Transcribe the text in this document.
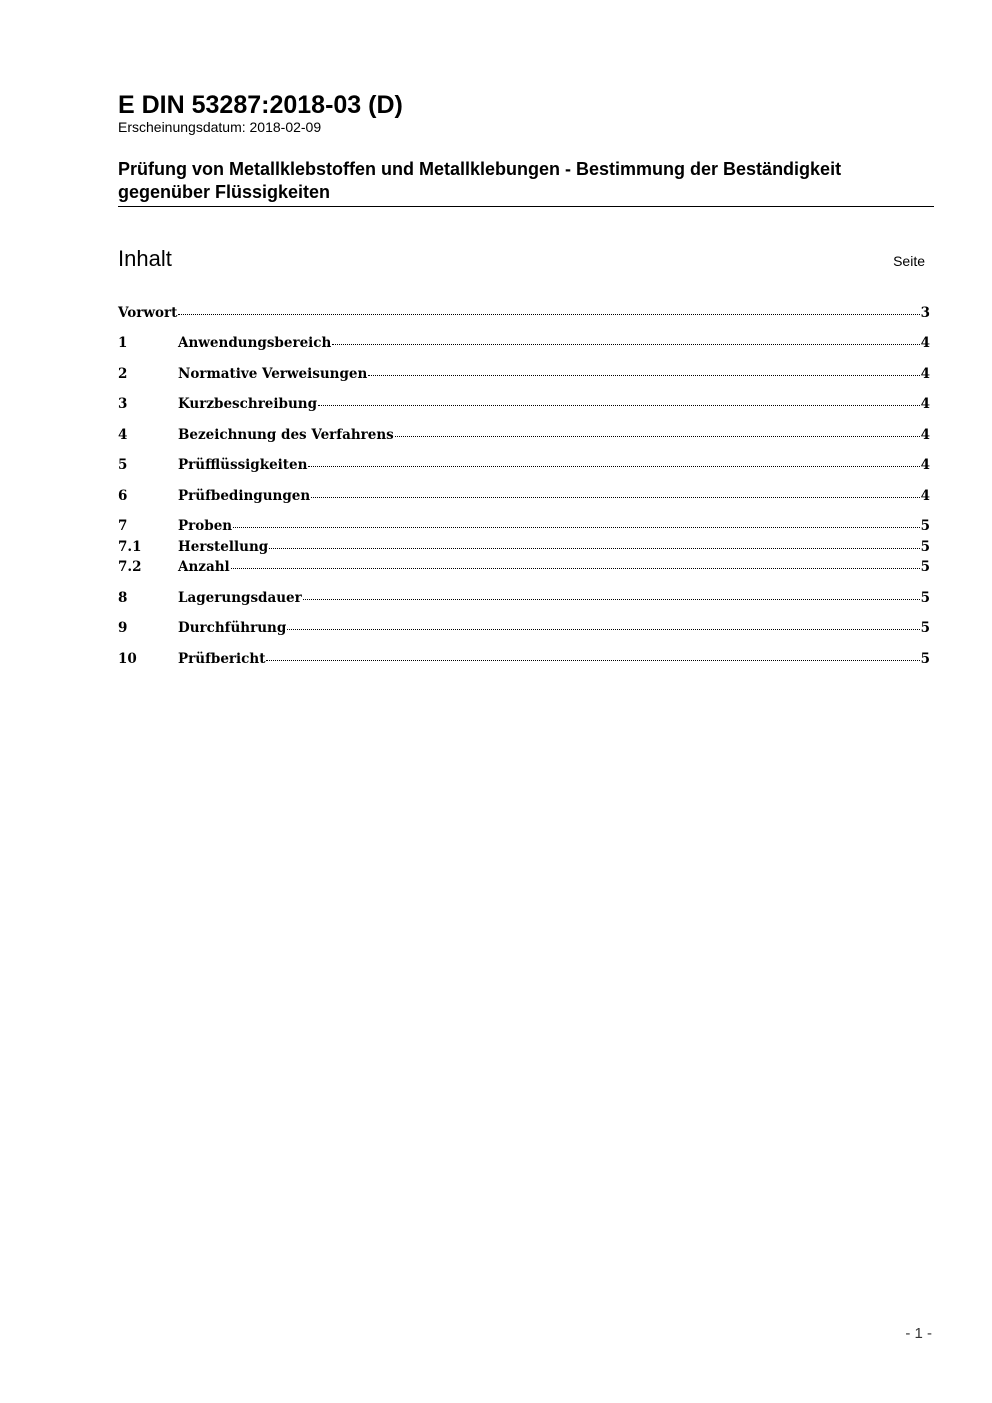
E DIN 53287:2018-03 (D)
Erscheinungsdatum: 2018-02-09
Prüfung von Metallklebstoffen und Metallklebungen - Bestimmung der Beständigkeit gegenüber Flüssigkeiten
Inhalt	Seite
Vorwort	3
1	Anwendungsbereich	4
2	Normative Verweisungen	4
3	Kurzbeschreibung	4
4	Bezeichnung des Verfahrens	4
5	Prüfflüssigkeiten	4
6	Prüfbedingungen	4
7	Proben	5
7.1	Herstellung	5
7.2	Anzahl	5
8	Lagerungsdauer	5
9	Durchführung	5
10	Prüfbericht	5
- 1 -
